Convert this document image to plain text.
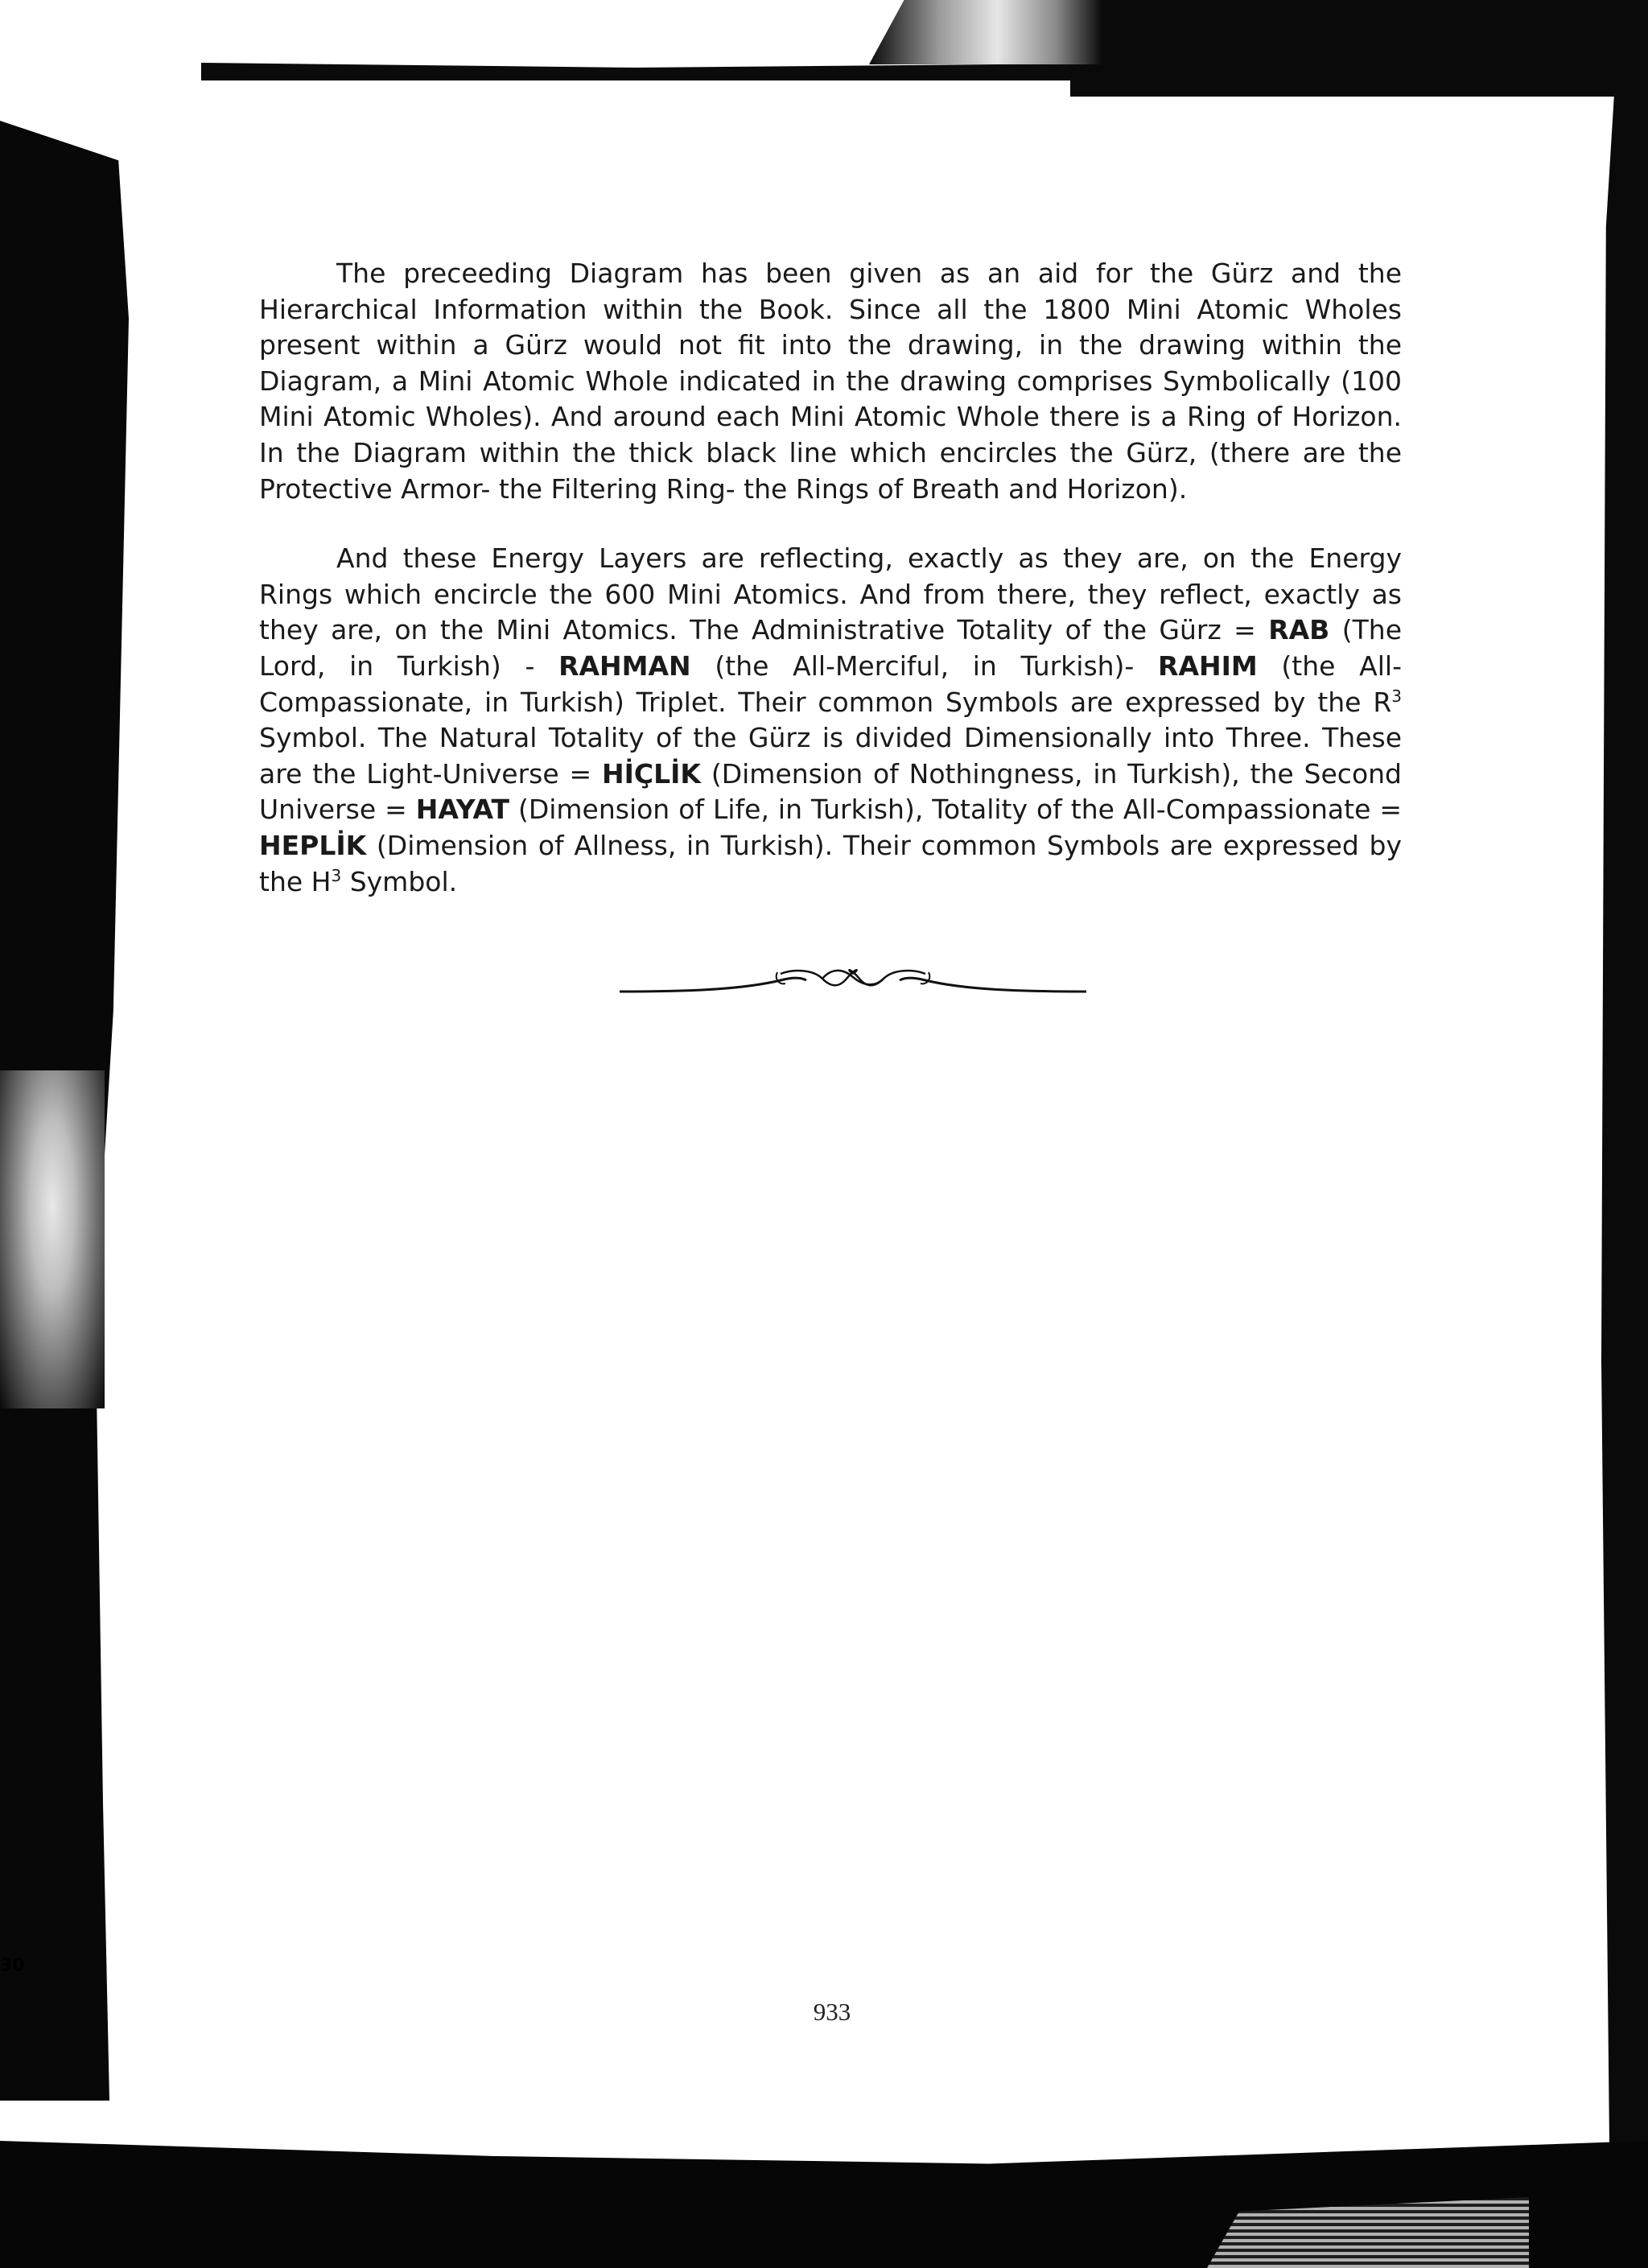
30

The preceeding Diagram has been given as an aid for the Gürz and the Hierarchical Information within the Book. Since all the 1800 Mini Atomic Wholes present within a Gürz would not fit into the drawing, in the drawing within the Diagram, a Mini Atomic Whole indicated in the drawing comprises Symbolically (100 Mini Atomic Wholes). And around each Mini Atomic Whole there is a Ring of Horizon. In the Diagram within the thick black line which encircles the Gürz, (there are the Protective Armor- the Filtering Ring- the Rings of Breath and Horizon).

And these Energy Layers are reflecting, exactly as they are, on the Energy Rings which encircle the 600 Mini Atomics. And from there, they reflect, exactly as they are, on the Mini Atomics. The Administrative Totality of the Gürz = RAB (The Lord, in Turkish) - RAHMAN (the All-Merciful, in Turkish)- RAHIM (the All-Compassionate, in Turkish) Triplet. Their common Symbols are expressed by the $R^3$ Symbol. The Natural Totality of the Gürz is divided Dimensionally into Three. These are the Light-Universe = HİÇLİK (Dimension of Nothingness, in Turkish), the Second Universe = HAYAT (Dimension of Life, in Turkish), Totality of the All-Compassionate = HEPLİK (Dimension of Allness, in Turkish). Their common Symbols are expressed by the $H^3$ Symbol.

933
